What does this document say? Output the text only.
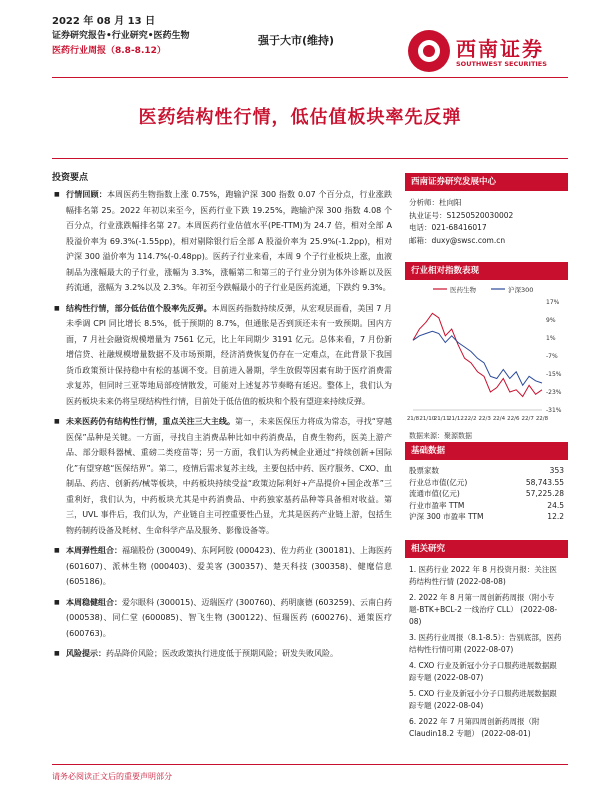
2022 年 08 月 13 日
证券研究报告•行业研究•医药生物
医药行业周报（8.8-8.12）
强于大市(维持)	西南证券
SOUTHWEST SECURITIES
医药结构性行情，低估值板块率先反弹
投资要点
■ 行情回顾：本周医药生物指数上涨 0.75%，跑输沪深 300 指数 0.07 个百分点，行业涨跌幅排名第 25。2022 年初以来至今，医药行业下跌 19.25%，跑输沪深 300 指数 4.08 个百分点，行业涨跌幅排名第 27。本周医药行业估值水平(PE-TTM)为 24.7 倍，相对全部 A 股溢价率为 69.3%(-1.55pp)，相对剔除银行后全部 A 股溢价率为 25.9%(-1.2pp)，相对沪深 300 溢价率为 114.7%(-0.48pp)。医药子行业来看，本周 9 个子行业板块上涨，血液制品为涨幅最大的子行业，涨幅为 3.3%，涨幅第二和第三的子行业分别为体外诊断以及医药流通，涨幅为 3.2%以及 2.3%。年初至今跌幅最小的子行业是医药流通，下跌约 9.3%。
■ 结构性行情，部分低估值个股率先反弹。本周医药指数持续反弹，从宏观层面看，美国 7 月未季调 CPI 同比增长 8.5%，低于预期的 8.7%，但通胀是否到顶还未有一致预期。国内方面，7 月社会融资规模增量为 7561 亿元，比上年同期少 3191 亿元。总体来看，7 月份新增信贷、社融规模增量数据不及市场预期，经济消费恢复仍存在一定难点，在此背景下我国货币政策预计保持稳中有松的基调不变。目前进入暑期，学生放假等因素有助于医疗消费需求复苏，但同时三亚等地局部疫情散发，可能对上述复苏节奏略有延迟。整体上，我们认为医药板块未来仍将呈现结构性行情，目前处于低估值的板块和个股有望迎来持续反弹。
■ 未来医药仍有结构性行情，重点关注三大主线。第一，未来医保压力将成为常态，寻找“穿越医保”品种是关键。一方面，寻找自主消费品种比如中药消费品，自费生物药，医美上游产品、部分眼科器械、重磅二类疫苗等；另一方面，我们认为药械企业通过“持续创新+国际化”有望穿越“医保结界”。第二，疫情后需求复苏主线，主要包括中药、医疗服务、CXO、血制品、药店、创新药/械等板块，中药板块持续受益“政策边际利好+产品提价+国企改革”三重利好，我们认为，中药板块尤其是中药消费品、中药独家基药品种等具备相对收益。第三，UVL 事件后，我们认为，产业链自主可控重要性凸显，尤其是医药产业链上游，包括生物药制药设备及耗材、生命科学产品及服务、影像设备等。
■ 本周弹性组合：福瑞股份 (300049)、东阿阿胶 (000423)、佐力药业 (300181)、上海医药 (601607)、派林生物 (000403)、爱美客 (300357)、楚天科技 (300358)、健麾信息 (605186)。
■ 本周稳健组合：爱尔眼科 (300015)、迈瑞医疗 (300760)、药明康德 (603259)、云南白药 (000538)、同仁堂 (600085)、智飞生物 (300122)、恒瑞医药 (600276)、通策医疗 (600763)。
■ 风险提示：药品降价风险；医改政策执行进度低于预期风险；研发失败风险。
西南证券研究发展中心
分析师：杜向阳
执业证号：S1250520030002
电话：021-68416017
邮箱：duxy@swsc.com.cn
行业相对指数表现
医药生物	沪深300
17%
9%
1%
-7%
-15%
-23%
-31%
21/8 21/10
21/11
21/12 22/2 22/3 22/4 22/6 22/7 22/8
数据来源：聚源数据
基础数据
股票家数	353
行业总市值(亿元)	58,743.55
流通市值(亿元)	57,225.28
行业市盈率 TTM	24.5
沪深 300 市盈率 TTM	12.2
相关研究
1. 医药行业 2022 年 8 月投资月报：关注医药结构性行情 (2022-08-08)
2. 2022 年 8 月第一周创新药周报（附小专题-BTK+BCL-2 一线治疗 CLL） (2022-08-08)
3. 医药行业周报（8.1-8.5）：告别底部，医药结构性行情可期 (2022-08-07)
4. CXO 行业及新冠小分子口服药进展数据跟踪专题 (2022-08-07)
5. CXO 行业及新冠小分子口服药进展数据跟踪专题 (2022-08-04)
6. 2022 年 7 月第四周创新药周报（附 Claudin18.2 专题） (2022-08-01)
请务必阅读正文后的重要声明部分
